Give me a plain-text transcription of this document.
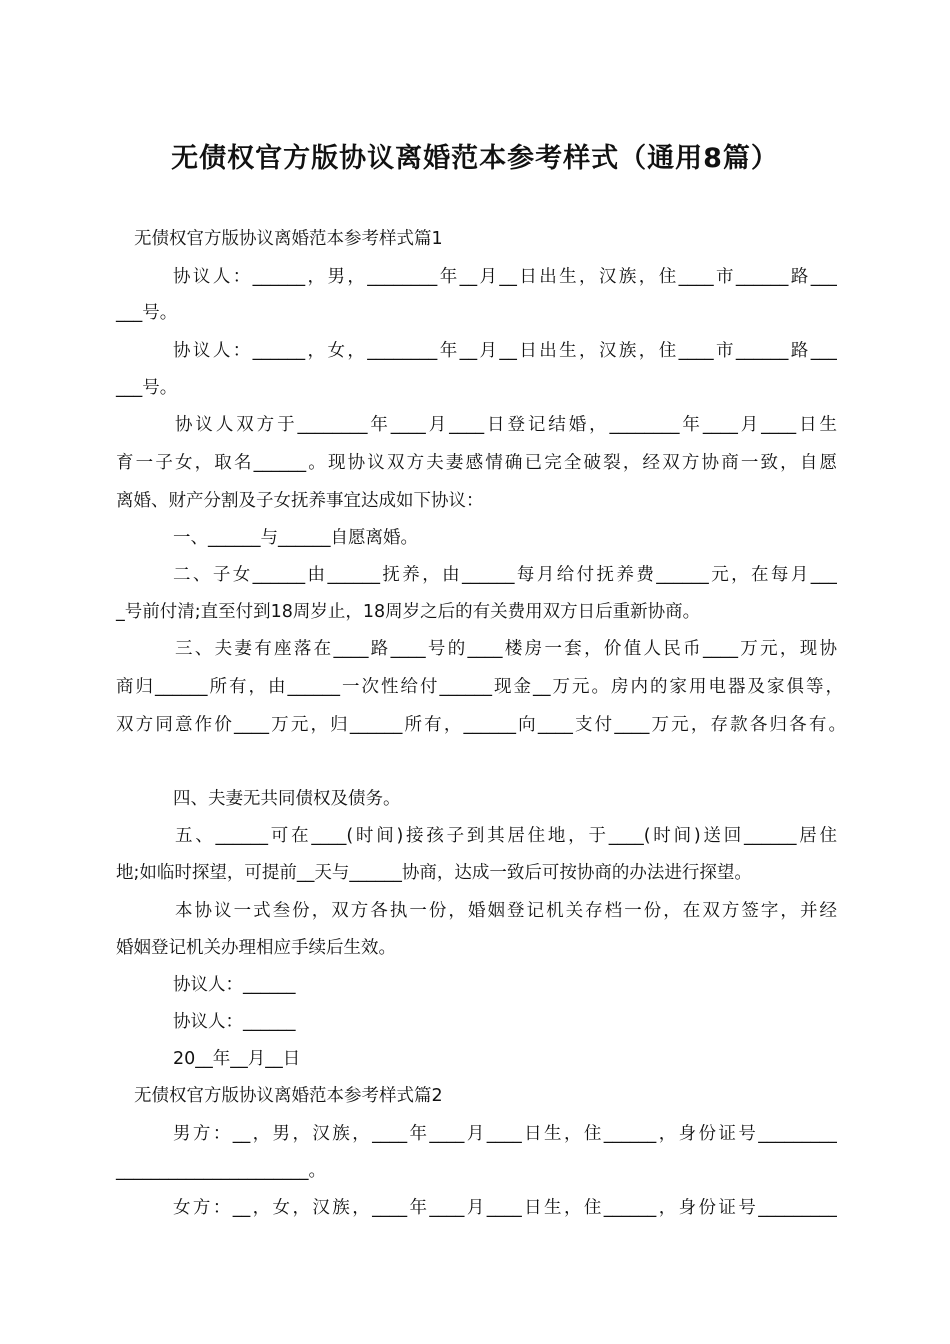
无债权官方版协议离婚范本参考样式（通用8篇）
无债权官方版协议离婚范本参考样式篇1
协议人：______，男，________年__月__日出生，汉族，住____市______路___
___号。
协议人：______，女，________年__月__日出生，汉族，住____市______路___
___号。
协议人双方于________年____月____日登记结婚，________年____月____日生
育一子女，取名______。现协议双方夫妻感情确已完全破裂，经双方协商一致，自愿
离婚、财产分割及子女抚养事宜达成如下协议：
一、______与______自愿离婚。
二、子女______由______抚养，由______每月给付抚养费______元，在每月___
_号前付清;直至付到18周岁止，18周岁之后的有关费用双方日后重新协商。
三、夫妻有座落在____路____号的____楼房一套，价值人民币____万元，现协
商归______所有，由______一次性给付______现金__万元。房内的家用电器及家俱等，
双方同意作价____万元，归______所有，______向____支付____万元，存款各归各有。
四、夫妻无共同债权及债务。
五、______可在____(时间)接孩子到其居住地，于____(时间)送回______居住
地;如临时探望，可提前__天与______协商，达成一致后可按协商的办法进行探望。
本协议一式叁份，双方各执一份，婚姻登记机关存档一份，在双方签字，并经
婚姻登记机关办理相应手续后生效。
协议人：______
协议人：______
20__年__月__日
无债权官方版协议离婚范本参考样式篇2
男方：__，男，汉族，____年____月____日生，住______，身份证号_________
______________________。
女方：__，女，汉族，____年____月____日生，住______，身份证号_________
